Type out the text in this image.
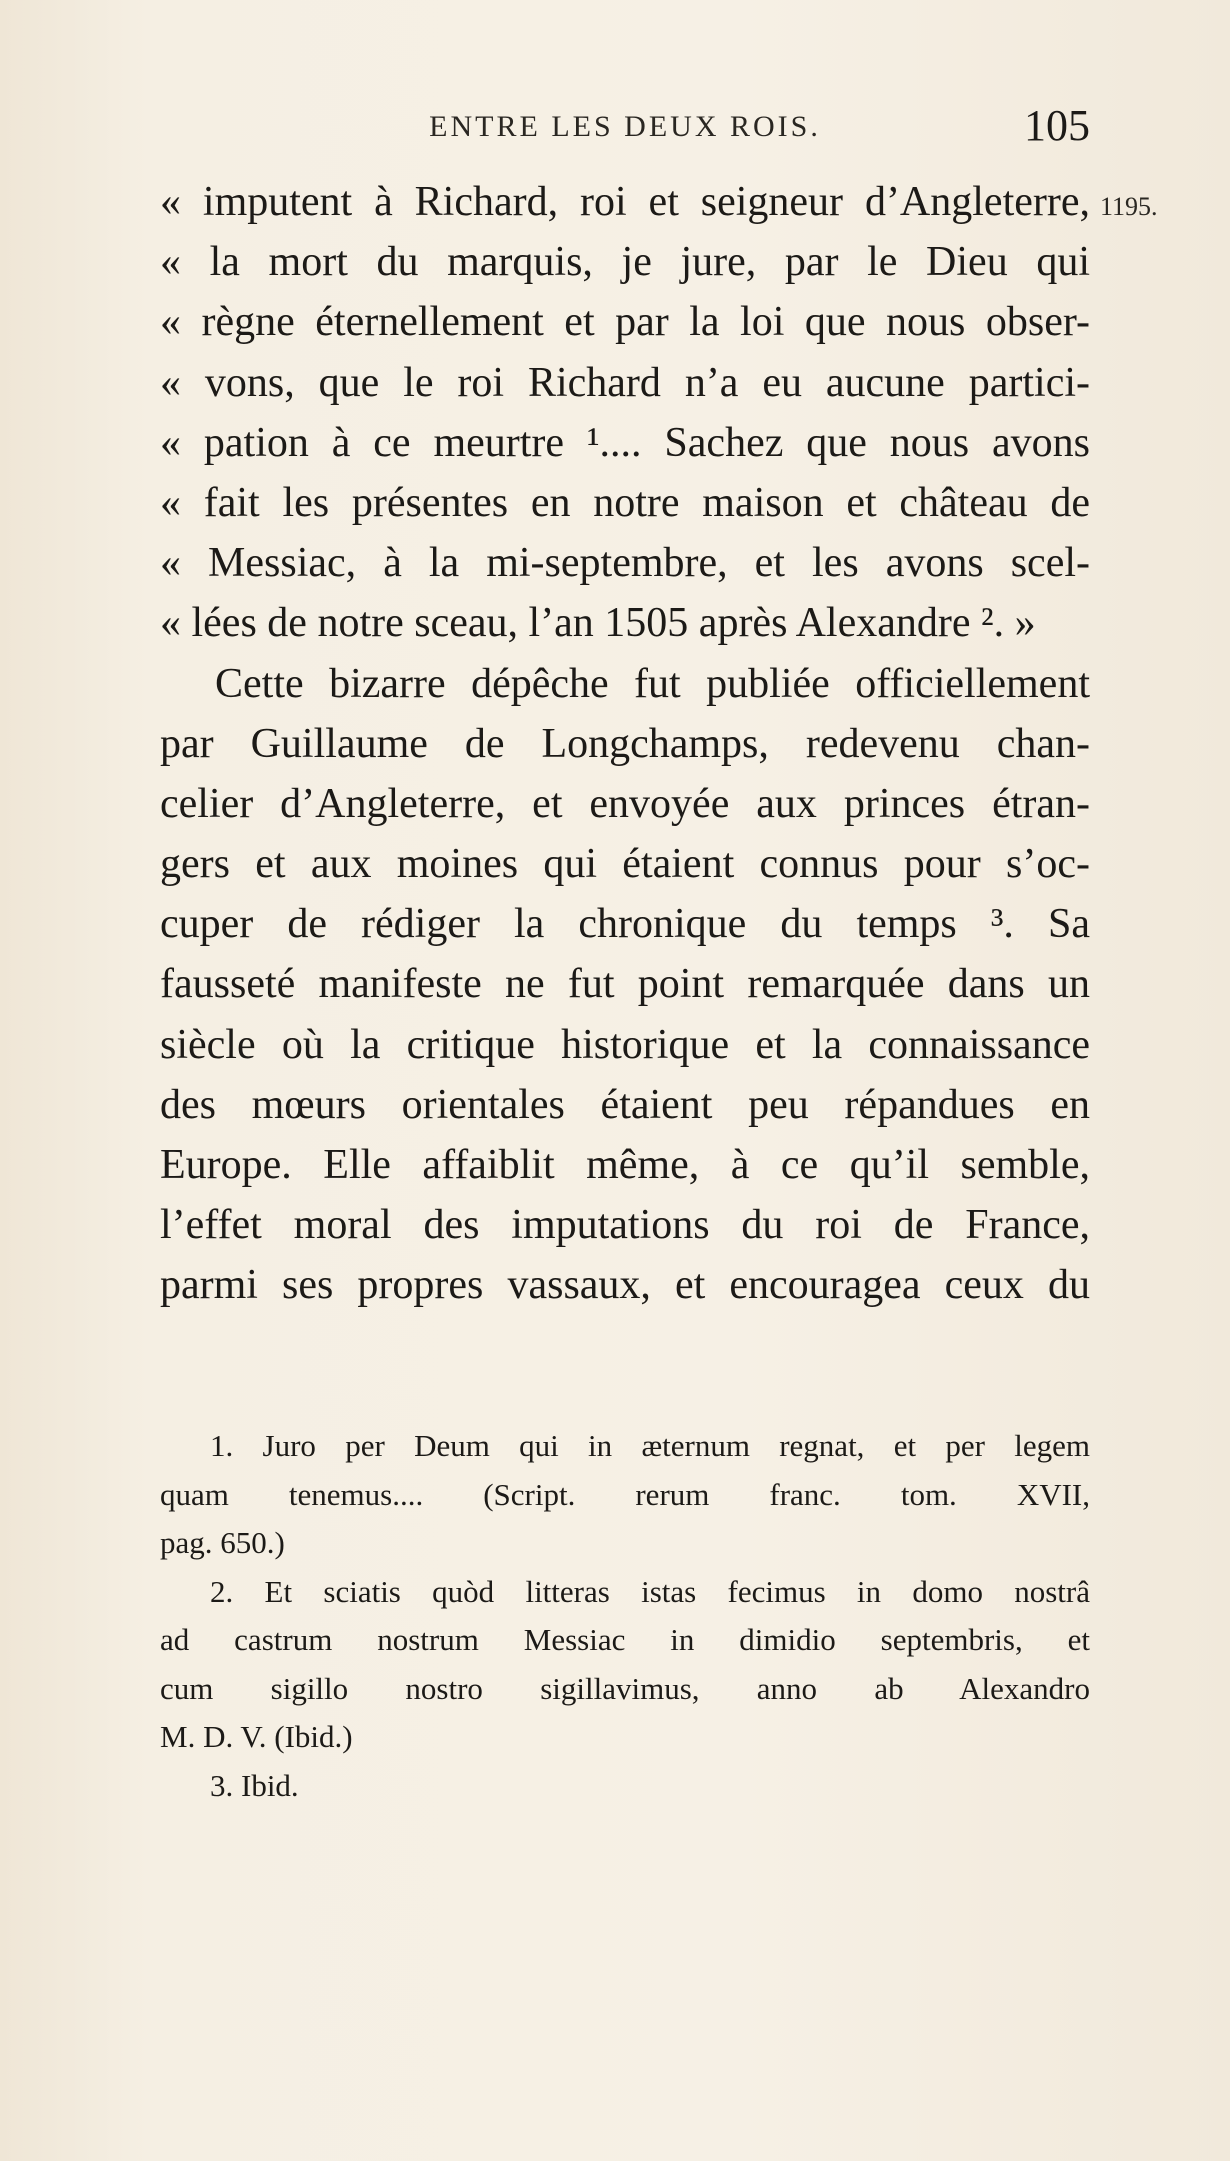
ENTRE LES DEUX ROIS.	105
1195.
« imputent à Richard, roi et seigneur d’Angleterre,
« la mort du marquis, je jure, par le Dieu qui
« règne éternellement et par la loi que nous obser-
« vons, que le roi Richard n’a eu aucune partici-
« pation à ce meurtre ¹.... Sachez que nous avons
« fait les présentes en notre maison et château de
« Messiac, à la mi-septembre, et les avons scel-
« lées de notre sceau, l’an 1505 après Alexandre ². »
Cette bizarre dépêche fut publiée officiellement
par Guillaume de Longchamps, redevenu chan-
celier d’Angleterre, et envoyée aux princes étran-
gers et aux moines qui étaient connus pour s’oc-
cuper de rédiger la chronique du temps ³. Sa
fausseté manifeste ne fut point remarquée dans un
siècle où la critique historique et la connaissance
des mœurs orientales étaient peu répandues en
Europe. Elle affaiblit même, à ce qu’il semble,
l’effet moral des imputations du roi de France,
parmi ses propres vassaux, et encouragea ceux du
1. Juro per Deum qui in æternum regnat, et per legem
quam tenemus.... (Script. rerum franc. tom. XVII,
pag. 650.)
2. Et sciatis quòd litteras istas fecimus in domo nostrâ
ad castrum nostrum Messiac in dimidio septembris, et
cum sigillo nostro sigillavimus, anno ab Alexandro
M. D. V. (Ibid.)
3. Ibid.
